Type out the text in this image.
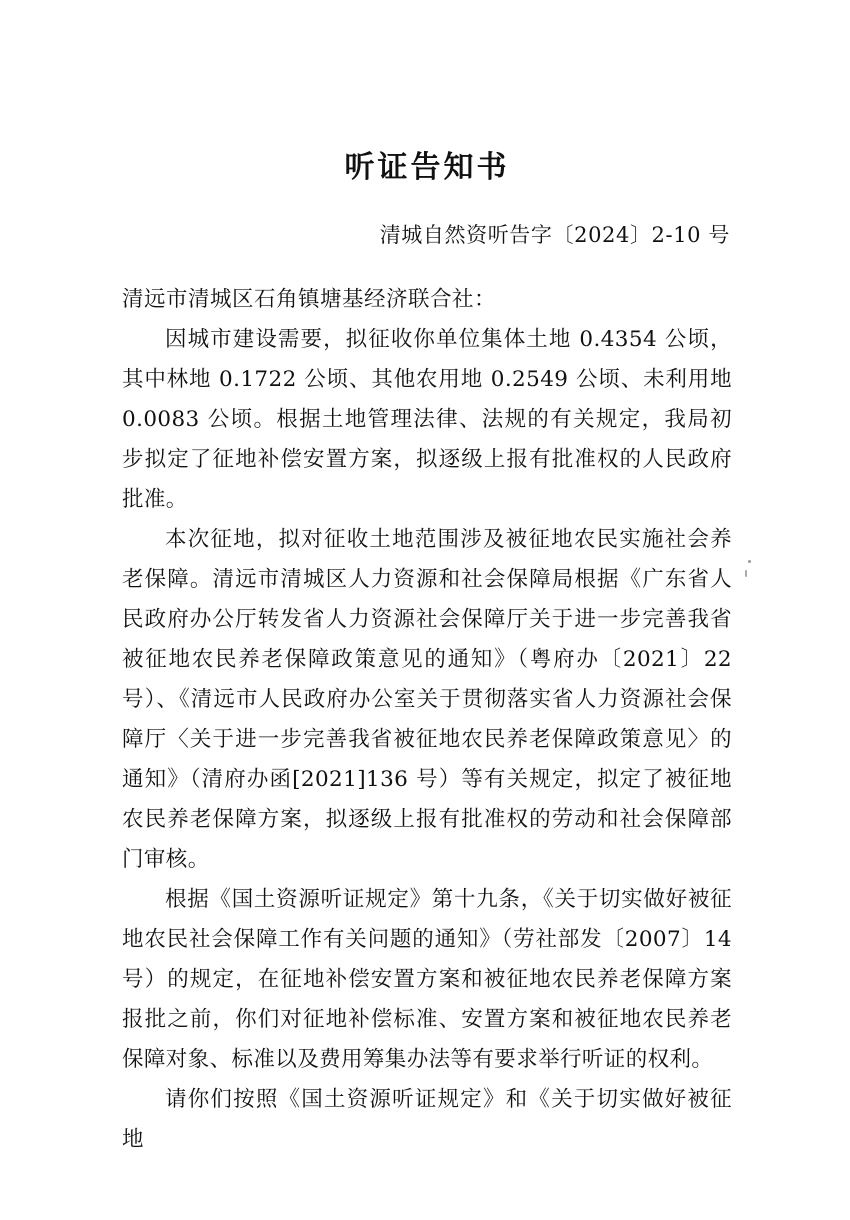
听证告知书

清城自然资听告字〔2024〕2-10 号

清远市清城区石角镇塘基经济联合社：

因城市建设需要，拟征收你单位集体土地 0.4354 公顷，其中林地 0.1722 公顷、其他农用地 0.2549 公顷、未利用地 0.0083 公顷。根据土地管理法律、法规的有关规定，我局初步拟定了征地补偿安置方案，拟逐级上报有批准权的人民政府批准。

本次征地，拟对征收土地范围涉及被征地农民实施社会养老保障。清远市清城区人力资源和社会保障局根据《广东省人民政府办公厅转发省人力资源社会保障厅关于进一步完善我省被征地农民养老保障政策意见的通知》（粤府办〔2021〕22 号）、《清远市人民政府办公室关于贯彻落实省人力资源社会保障厅〈关于进一步完善我省被征地农民养老保障政策意见〉的通知》（清府办函[2021]136 号）等有关规定，拟定了被征地农民养老保障方案，拟逐级上报有批准权的劳动和社会保障部门审核。

根据《国土资源听证规定》第十九条，《关于切实做好被征地农民社会保障工作有关问题的通知》（劳社部发〔2007〕14 号）的规定，在征地补偿安置方案和被征地农民养老保障方案报批之前，你们对征地补偿标准、安置方案和被征地农民养老保障对象、标准以及费用筹集办法等有要求举行听证的权利。

请你们按照《国土资源听证规定》和《关于切实做好被征地
